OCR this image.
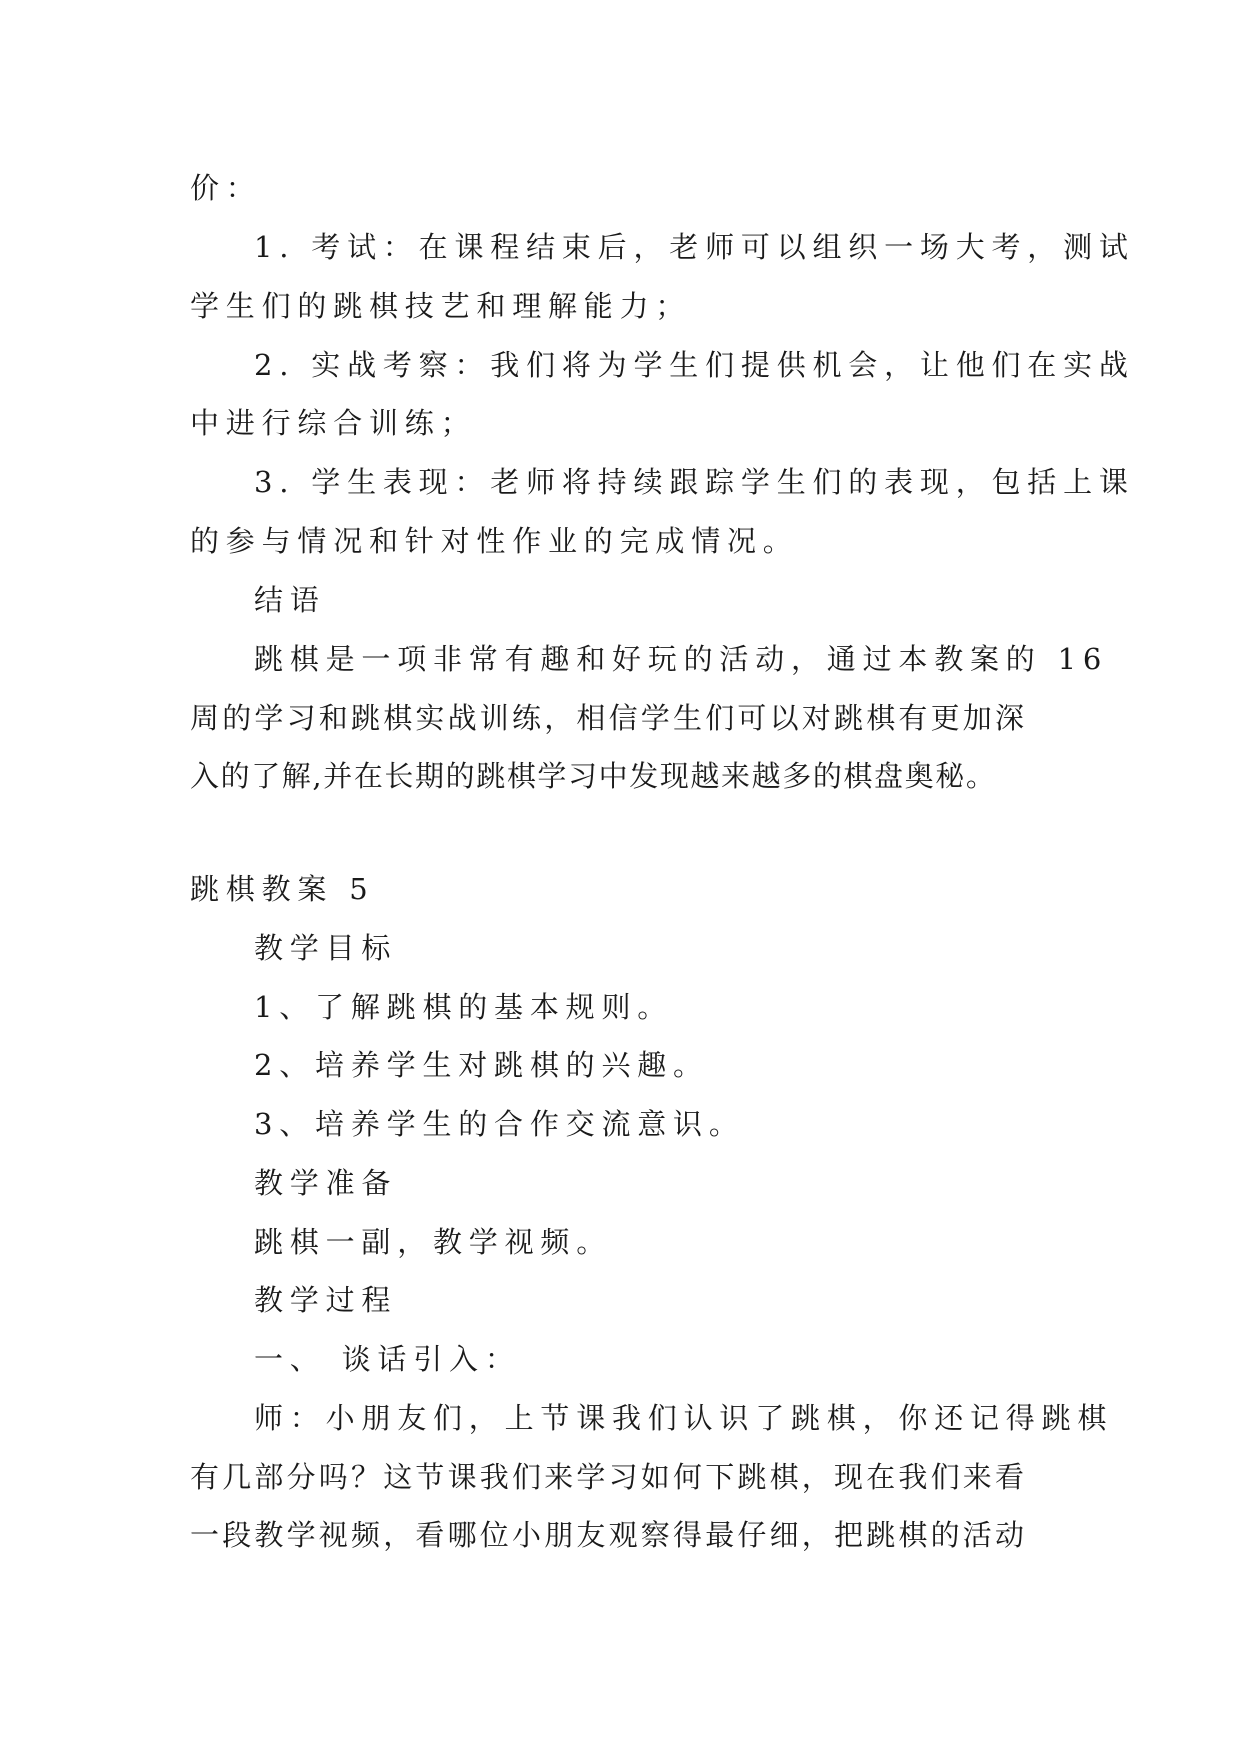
价：
1. 考试：在课程结束后，老师可以组织一场大考，测试
学生们的跳棋技艺和理解能力；
2. 实战考察：我们将为学生们提供机会，让他们在实战
中进行综合训练；
3. 学生表现：老师将持续跟踪学生们的表现，包括上课
的参与情况和针对性作业的完成情况。
结语
跳棋是一项非常有趣和好玩的活动，通过本教案的 16
周的学习和跳棋实战训练，相信学生们可以对跳棋有更加深
入的了解,并在长期的跳棋学习中发现越来越多的棋盘奥秘。
跳棋教案 5
教学目标
1、了解跳棋的基本规则。
2、培养学生对跳棋的兴趣。
3、培养学生的合作交流意识。
教学准备
跳棋一副，教学视频。
教学过程
一、 谈话引入：
师：小朋友们，上节课我们认识了跳棋，你还记得跳棋
有几部分吗？这节课我们来学习如何下跳棋，现在我们来看
一段教学视频，看哪位小朋友观察得最仔细，把跳棋的活动
